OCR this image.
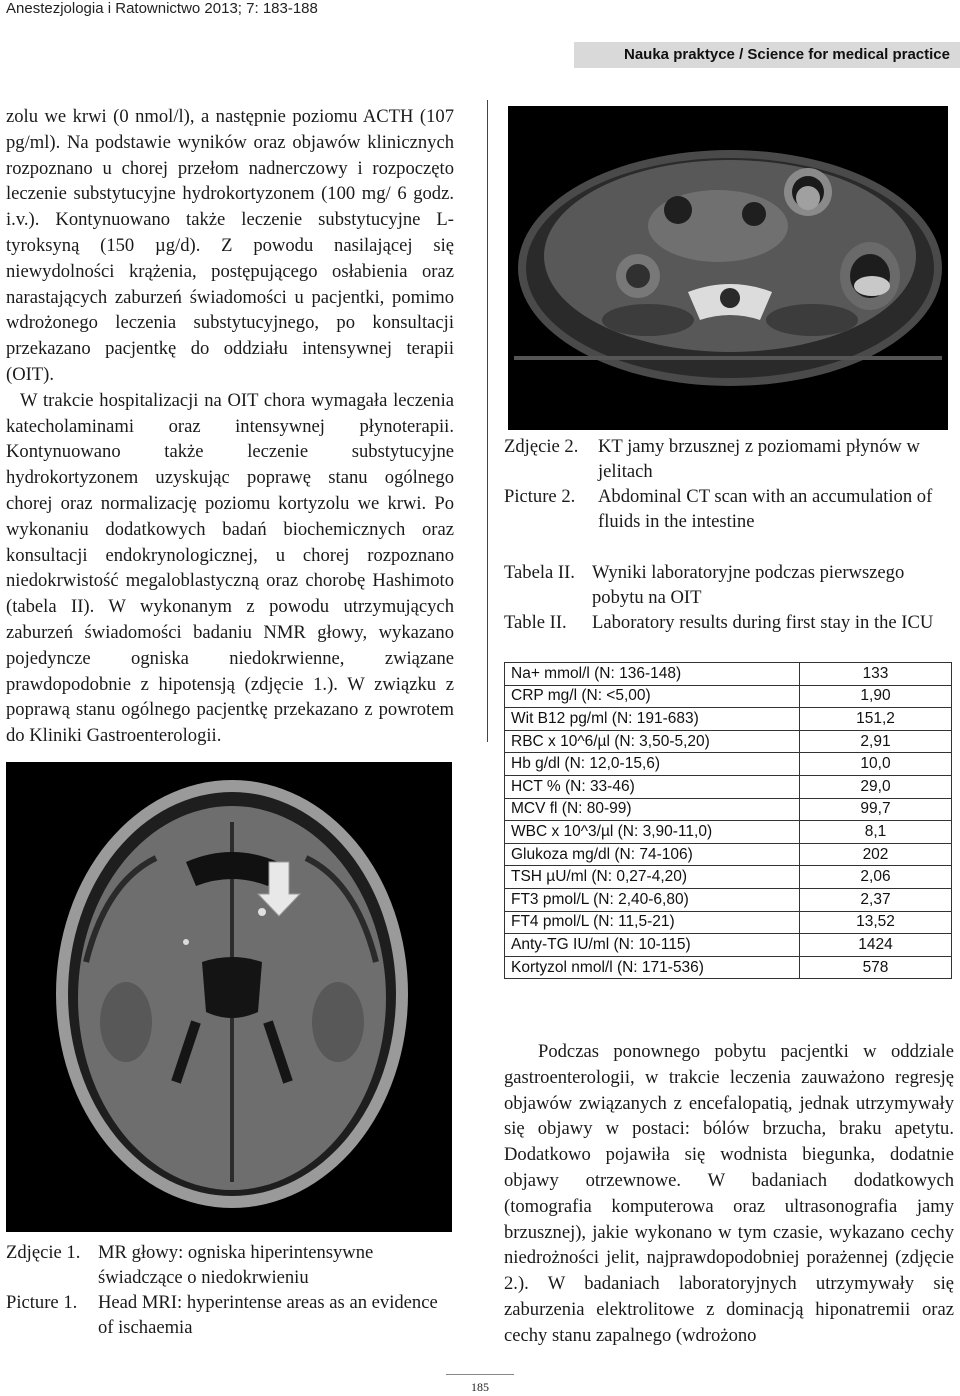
Anestezjologia i Ratownictwo 2013; 7: 183-188
Nauka praktyce / Science for medical practice

zolu we krwi (0 nmol/l), a następnie poziomu ACTH (107 pg/ml). Na podstawie wyników oraz objawów klinicznych rozpoznano u chorej przełom nadnerczowy i rozpoczęto leczenie substytucyjne hydrokortyzonem (100 mg/ 6 godz. i.v.). Kontynuowano także leczenie substytucyjne L-tyroksyną (150 µg/d). Z powodu nasilającej się niewydolności krążenia, postępującego osłabienia oraz narastających zaburzeń świadomości u pacjentki, pomimo wdrożonego leczenia substytucyjnego, po konsultacji przekazano pacjentkę do oddziału intensywnej terapii (OIT).

W trakcie hospitalizacji na OIT chora wymagała leczenia katecholaminami oraz intensywnej płynoterapii. Kontynuowano także leczenie substytucyjne hydrokortyzonem uzyskując poprawę stanu ogólnego chorej oraz normalizację poziomu kortyzolu we krwi. Po wykonaniu dodatkowych badań biochemicznych oraz konsultacji endokrynologicznej, u chorej rozpoznano niedokrwistość megaloblastyczną oraz chorobę Hashimoto (tabela II). W wykonanym z powodu utrzymujących zaburzeń świadomości badaniu NMR głowy, wykazano pojedyncze ogniska niedokrwienne, związane prawdopodobnie z hipotensją (zdjęcie 1.). W związku z poprawą stanu ogólnego pacjentkę przekazano z powrotem do Kliniki Gastroenterologii.

Zdjęcie 2.	KT jamy brzusznej z poziomami płynów w jelitach
Picture 2.	Abdominal CT scan with an accumulation of fluids in the intestine
Tabela II. Wyniki laboratoryjne podczas pierwszego pobytu na OIT
Table II.	Laboratory results during first stay in the ICU
Na+ mmol/l (N: 136-148)	133
CRP mg/l (N: <5,00)	1,90
Wit B12 pg/ml (N: 191-683)	151,2
RBC x 10^6/µl (N: 3,50-5,20)	2,91
Hb g/dl (N: 12,0-15,6)	10,0
HCT % (N: 33-46)	29,0
MCV fl (N: 80-99)	99,7
WBC x 10^3/µl (N: 3,90-11,0)	8,1
Glukoza mg/dl (N: 74-106)	202
TSH µU/ml (N: 0,27-4,20)	2,06
FT3 pmol/L (N: 2,40-6,80)	2,37
FT4 pmol/L (N: 11,5-21)	13,52
Anty-TG IU/ml (N: 10-115)	1424
Kortyzol nmol/l (N: 171-536)	578
Zdjęcie 1. MR głowy: ogniska hiperintensywne świadczące o niedokrwieniu
Picture 1.	Head MRI: hyperintense areas as an evidence of ischaemia

Podczas ponownego pobytu pacjentki w oddziale gastroenterologii, w trakcie leczenia zauważono regresję objawów związanych z encefalopatią, jednak utrzymywały się objawy w postaci: bólów brzucha, braku apetytu. Dodatkowo pojawiła się wodnista biegunka, dodatnie objawy otrzewnowe. W badaniach dodatkowych (tomografia komputerowa oraz ultrasonografia jamy brzusznej), jakie wykonano w tym czasie, wykazano cechy niedrożności jelit, najprawdopodobniej porażennej (zdjęcie 2.). W badaniach laboratoryjnych utrzymywały się zaburzenia elektrolitowe z dominacją hiponatremii oraz cechy stanu zapalnego (wdrożono

185
